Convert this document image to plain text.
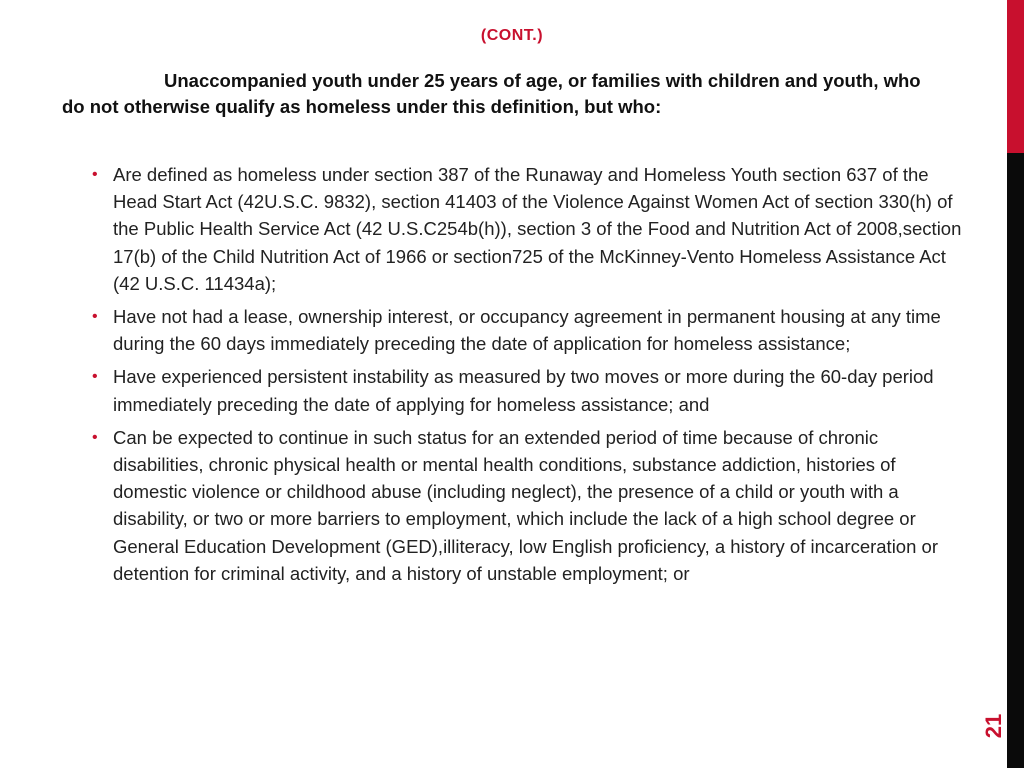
(CONT.)
Unaccompanied youth under 25 years of age, or families with children and youth, who do not otherwise qualify as homeless under this definition, but who:
• Are defined as homeless under section 387 of the Runaway and Homeless Youth section 637 of the Head Start Act (42U.S.C. 9832), section 41403 of the Violence Against Women Act of section 330(h) of the Public Health Service Act (42 U.S.C254b(h)), section 3 of the Food and Nutrition Act of 2008,section 17(b) of the Child Nutrition Act of 1966 or section725 of the McKinney-Vento Homeless Assistance Act (42 U.S.C. 11434a);
• Have not had a lease, ownership interest, or occupancy agreement in permanent housing at any time during the 60 days immediately preceding the date of application for homeless assistance;
• Have experienced persistent instability as measured by two moves or more during the 60-day period immediately preceding the date of applying for homeless assistance; and
• Can be expected to continue in such status for an extended period of time because of chronic disabilities, chronic physical health or mental health conditions, substance addiction, histories of domestic violence or childhood abuse (including neglect), the presence of a child or youth with a disability, or two or more barriers to employment, which include the lack of a high school degree or General Education Development (GED),illiteracy, low English proficiency, a history of incarceration or detention for criminal activity, and a history of unstable employment; or
21
